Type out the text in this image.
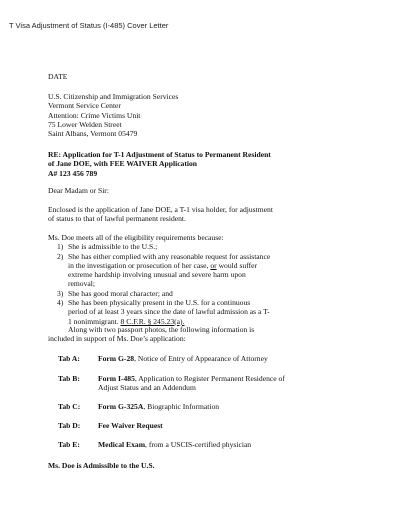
T Visa Adjustment of Status (I-485) Cover Letter
DATE
U.S. Citizenship and Immigration Services
Vermont Service Center
Attention: Crime Victims Unit
75 Lower Welden Street
Saint Albans, Vermont 05479
RE: Application for T-1 Adjustment of Status to Permanent Resident
of Jane DOE, with FEE WAIVER Application
A# 123 456 789
Dear Madam or Sir:
Enclosed is the application of Jane DOE, a T-1 visa holder, for adjustment
of status to that of lawful permanent resident.
Ms. Doe meets all of the eligibility requirements because:
1) She is admissible to the U.S.;
2) She has either complied with any reasonable request for assistance
in the investigation or prosecution of her case, or would suffer
extreme hardship involving unusual and severe harm upon
removal;
3) She has good moral character; and
4) She has been physically present in the U.S. for a continuous
period of at least 3 years since the date of lawful admission as a T-
1 nonimmigrant. 8 C.F.R. § 245.23(a).
Along with two passport photos, the following information is
included in support of Ms. Doe’s application:
Tab A: Form G-28, Notice of Entry of Appearance of Attorney
Tab B: Form I-485, Application to Register Permanent Residence of
Adjust Status and an Addendum
Tab C: Form G-325A, Biographic Information
Tab D: Fee Waiver Request
Tab E: Medical Exam, from a USCIS-certified physician
Ms. Doe is Admissible to the U.S.
